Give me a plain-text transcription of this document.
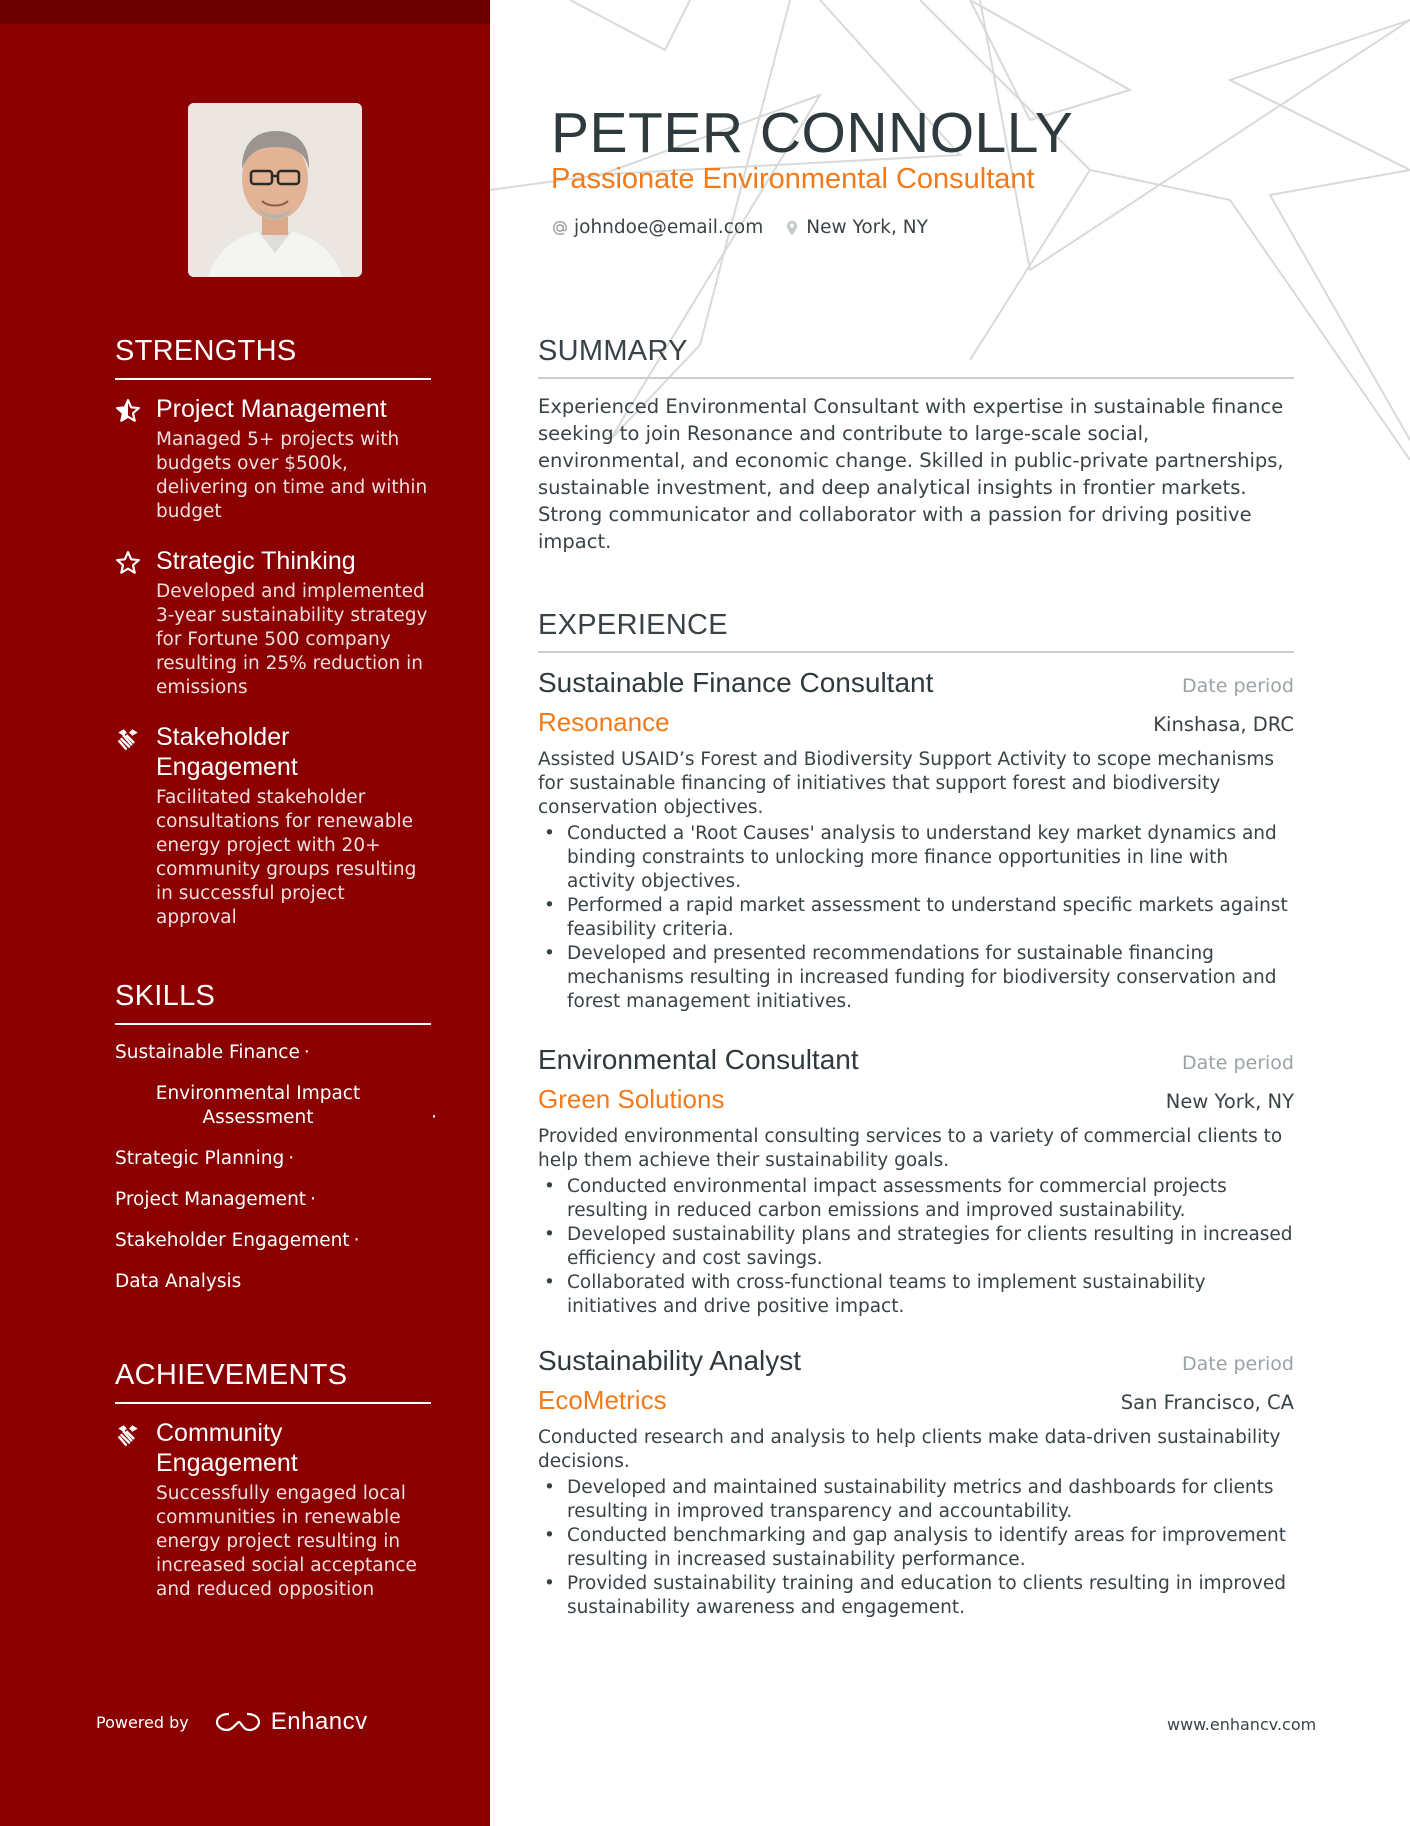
STRENGTHS
Project Management
Managed 5+ projects with budgets over $500k, delivering on time and within budget
Strategic Thinking
Developed and implemented 3-year sustainability strategy for Fortune 500 company resulting in 25% reduction in emissions
Stakeholder Engagement
Facilitated stakeholder consultations for renewable energy project with 20+ community groups resulting in successful project approval
SKILLS
Sustainable Finance ·
Environmental Impact Assessment	·
Strategic Planning ·
Project Management ·
Stakeholder Engagement ·
Data Analysis
ACHIEVEMENTS
Community Engagement
Successfully engaged local communities in renewable energy project resulting in increased social acceptance and reduced opposition
Powered by	Enhancv
PETER CONNOLLY
Passionate Environmental Consultant
johndoe@email.com New York, NY
SUMMARY
Experienced Environmental Consultant with expertise in sustainable finance seeking to join Resonance and contribute to large-scale social, environmental, and economic change. Skilled in public-private partnerships, sustainable investment, and deep analytical insights in frontier markets. Strong communicator and collaborator with a passion for driving positive impact.
EXPERIENCE
Sustainable Finance Consultant	Date period
Resonance	Kinshasa, DRC
Assisted USAID’s Forest and Biodiversity Support Activity to scope mechanisms for sustainable financing of initiatives that support forest and biodiversity conservation objectives.
• Conducted a 'Root Causes' analysis to understand key market dynamics and binding constraints to unlocking more finance opportunities in line with activity objectives.
• Performed a rapid market assessment to understand specific markets against feasibility criteria.
• Developed and presented recommendations for sustainable financing mechanisms resulting in increased funding for biodiversity conservation and forest management initiatives.
Environmental Consultant	Date period
Green Solutions	New York, NY
Provided environmental consulting services to a variety of commercial clients to help them achieve their sustainability goals.
• Conducted environmental impact assessments for commercial projects resulting in reduced carbon emissions and improved sustainability.
• Developed sustainability plans and strategies for clients resulting in increased efficiency and cost savings.
• Collaborated with cross-functional teams to implement sustainability initiatives and drive positive impact.
Sustainability Analyst	Date period
EcoMetrics	San Francisco, CA
Conducted research and analysis to help clients make data-driven sustainability decisions.
• Developed and maintained sustainability metrics and dashboards for clients resulting in improved transparency and accountability.
• Conducted benchmarking and gap analysis to identify areas for improvement resulting in increased sustainability performance.
• Provided sustainability training and education to clients resulting in improved sustainability awareness and engagement.
www.enhancv.com
